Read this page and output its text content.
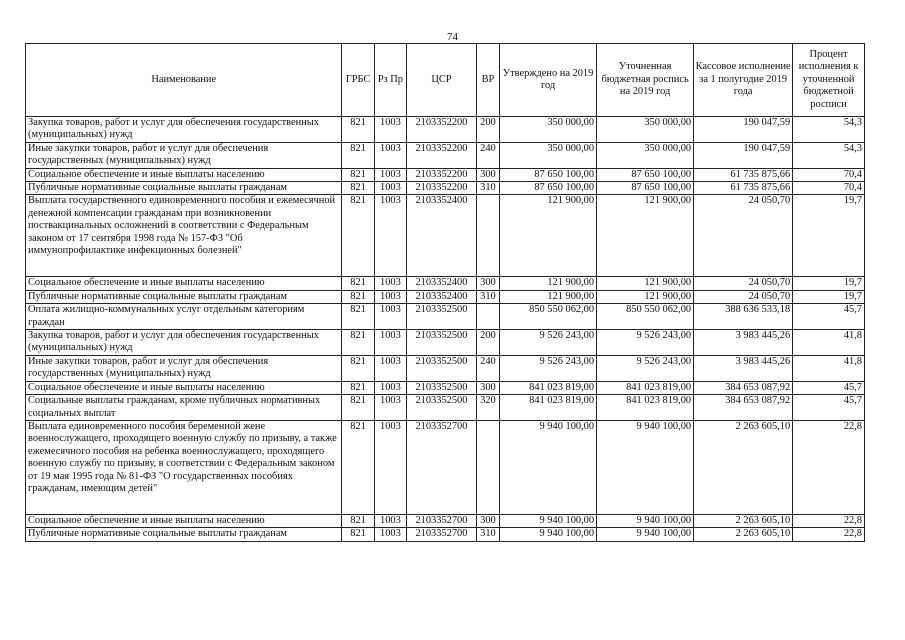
74
Наименование	ГРБС	Рз Пр	ЦСР	ВР	Утверждено на 2019 год	Уточненная бюджетная роспись на 2019 год	Кассовое исполнение за 1 полугодие 2019 года	Процент исполнения к уточненной бюджетной росписи
Закупка товаров, работ и услуг для обеспечения государственных (муниципальных) нужд	821	1003	2103352200	200	350 000,00	350 000,00	190 047,59	54,3
Иные закупки товаров, работ и услуг для обеспечения государственных (муниципальных) нужд	821	1003	2103352200	240	350 000,00	350 000,00	190 047,59	54,3
Социальное обеспечение и иные выплаты населению	821	1003	2103352200	300	87 650 100,00	87 650 100,00	61 735 875,66	70,4
Публичные нормативные социальные выплаты гражданам	821	1003	2103352200	310	87 650 100,00	87 650 100,00	61 735 875,66	70,4
Выплата государственного единовременного пособия и ежемесячной денежной компенсации гражданам при возникновении поствакцинальных осложнений в соответствии с Федеральным законом от 17 сентября 1998 года № 157-ФЗ "Об иммунопрофилактике инфекционных болезней"	821	1003	2103352400		121 900,00	121 900,00	24 050,70	19,7
Социальное обеспечение и иные выплаты населению	821	1003	2103352400	300	121 900,00	121 900,00	24 050,70	19,7
Публичные нормативные социальные выплаты гражданам	821	1003	2103352400	310	121 900,00	121 900,00	24 050,70	19,7
Оплата жилищно-коммунальных услуг отдельным категориям граждан	821	1003	2103352500		850 550 062,00	850 550 062,00	388 636 533,18	45,7
Закупка товаров, работ и услуг для обеспечения государственных (муниципальных) нужд	821	1003	2103352500	200	9 526 243,00	9 526 243,00	3 983 445,26	41,8
Иные закупки товаров, работ и услуг для обеспечения государственных (муниципальных) нужд	821	1003	2103352500	240	9 526 243,00	9 526 243,00	3 983 445,26	41,8
Социальное обеспечение и иные выплаты населению	821	1003	2103352500	300	841 023 819,00	841 023 819,00	384 653 087,92	45,7
Социальные выплаты гражданам, кроме публичных нормативных социальных выплат	821	1003	2103352500	320	841 023 819,00	841 023 819,00	384 653 087,92	45,7
Выплата единовременного пособия беременной жене военнослужащего, проходящего военную службу по призыву, а также ежемесячного пособия на ребенка военнослужащего, проходящего военную службу по призыву, в соответствии с Федеральным законом от 19 мая 1995 года № 81-ФЗ "О государственных пособиях гражданам, имеющим детей"	821	1003	2103352700		9 940 100,00	9 940 100,00	2 263 605,10	22,8
Социальное обеспечение и иные выплаты населению	821	1003	2103352700	300	9 940 100,00	9 940 100,00	2 263 605,10	22,8
Публичные нормативные социальные выплаты гражданам	821	1003	2103352700	310	9 940 100,00	9 940 100,00	2 263 605,10	22,8
